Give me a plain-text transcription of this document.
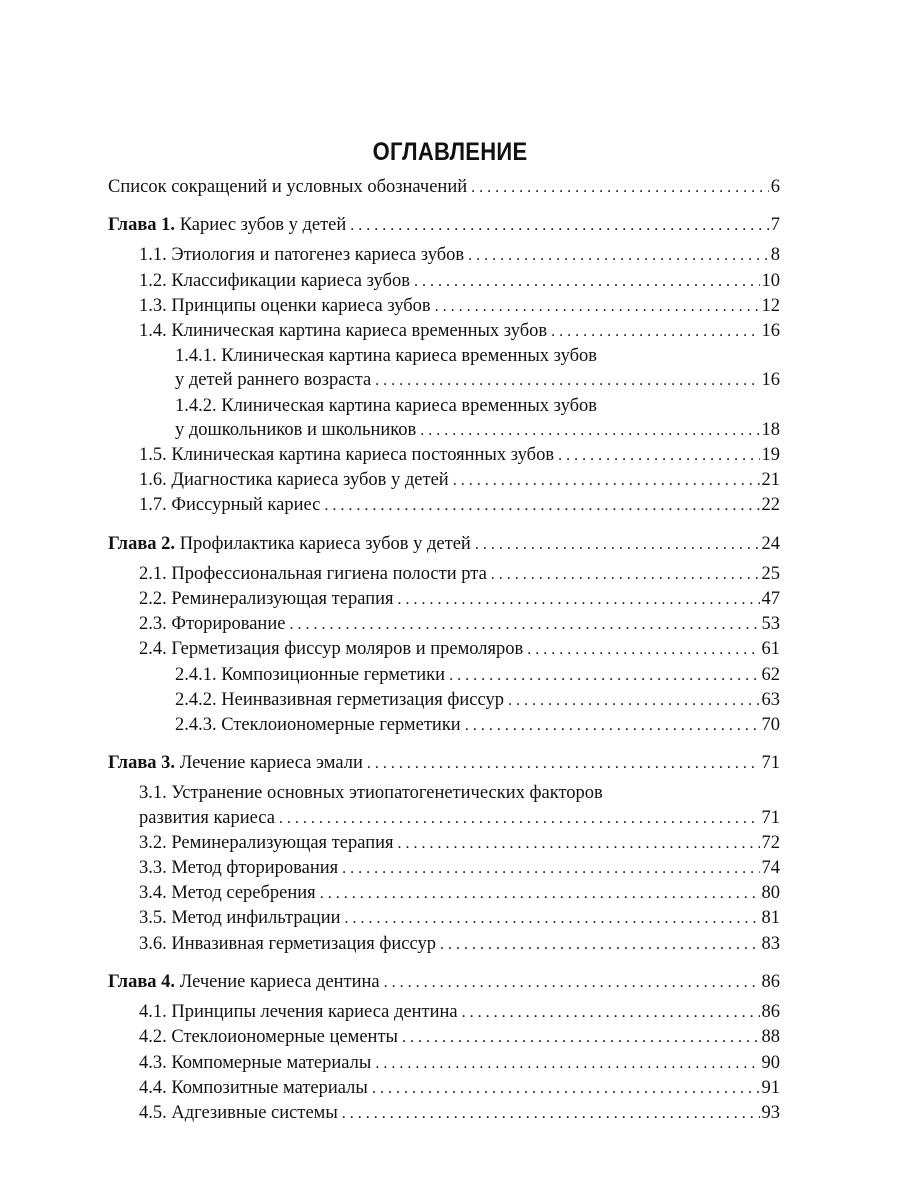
ОГЛАВЛЕНИЕ
Список сокращений и условных обозначений . . .	6
Глава 1. Кариес зубов у детей . . .	7
1.1. Этиология и патогенез кариеса зубов . . .	8
1.2. Классификации кариеса зубов . . .	10
1.3. Принципы оценки кариеса зубов . . .	12
1.4. Клиническая картина кариеса временных зубов . . .	16
1.4.1. Клиническая картина кариеса временных зубов
у детей раннего возраста . . .	16
1.4.2. Клиническая картина кариеса временных зубов
у дошкольников и школьников . . .	18
1.5. Клиническая картина кариеса постоянных зубов . . .	19
1.6. Диагностика кариеса зубов у детей . . .	21
1.7. Фиссурный кариес . . .	22
Глава 2. Профилактика кариеса зубов у детей . . .	24
2.1. Профессиональная гигиена полости рта . . .	25
2.2. Реминерализующая терапия . . .	47
2.3. Фторирование . . .	53
2.4. Герметизация фиссур моляров и премоляров . . .	61
2.4.1. Композиционные герметики . . .	62
2.4.2. Неинвазивная герметизация фиссур . . .	63
2.4.3. Стеклоиономерные герметики . . .	70
Глава 3. Лечение кариеса эмали . . .	71
3.1. Устранение основных этиопатогенетических факторов
развития кариеса . . .	71
3.2. Реминерализующая терапия . . .	72
3.3. Метод фторирования . . .	74
3.4. Метод серебрения . . .	80
3.5. Метод инфильтрации . . .	81
3.6. Инвазивная герметизация фиссур . . .	83
Глава 4. Лечение кариеса дентина . . .	86
4.1. Принципы лечения кариеса дентина . . .	86
4.2. Стеклоиономерные цементы . . .	88
4.3. Компомерные материалы . . .	90
4.4. Композитные материалы . . .	91
4.5. Адгезивные системы . . .	93
